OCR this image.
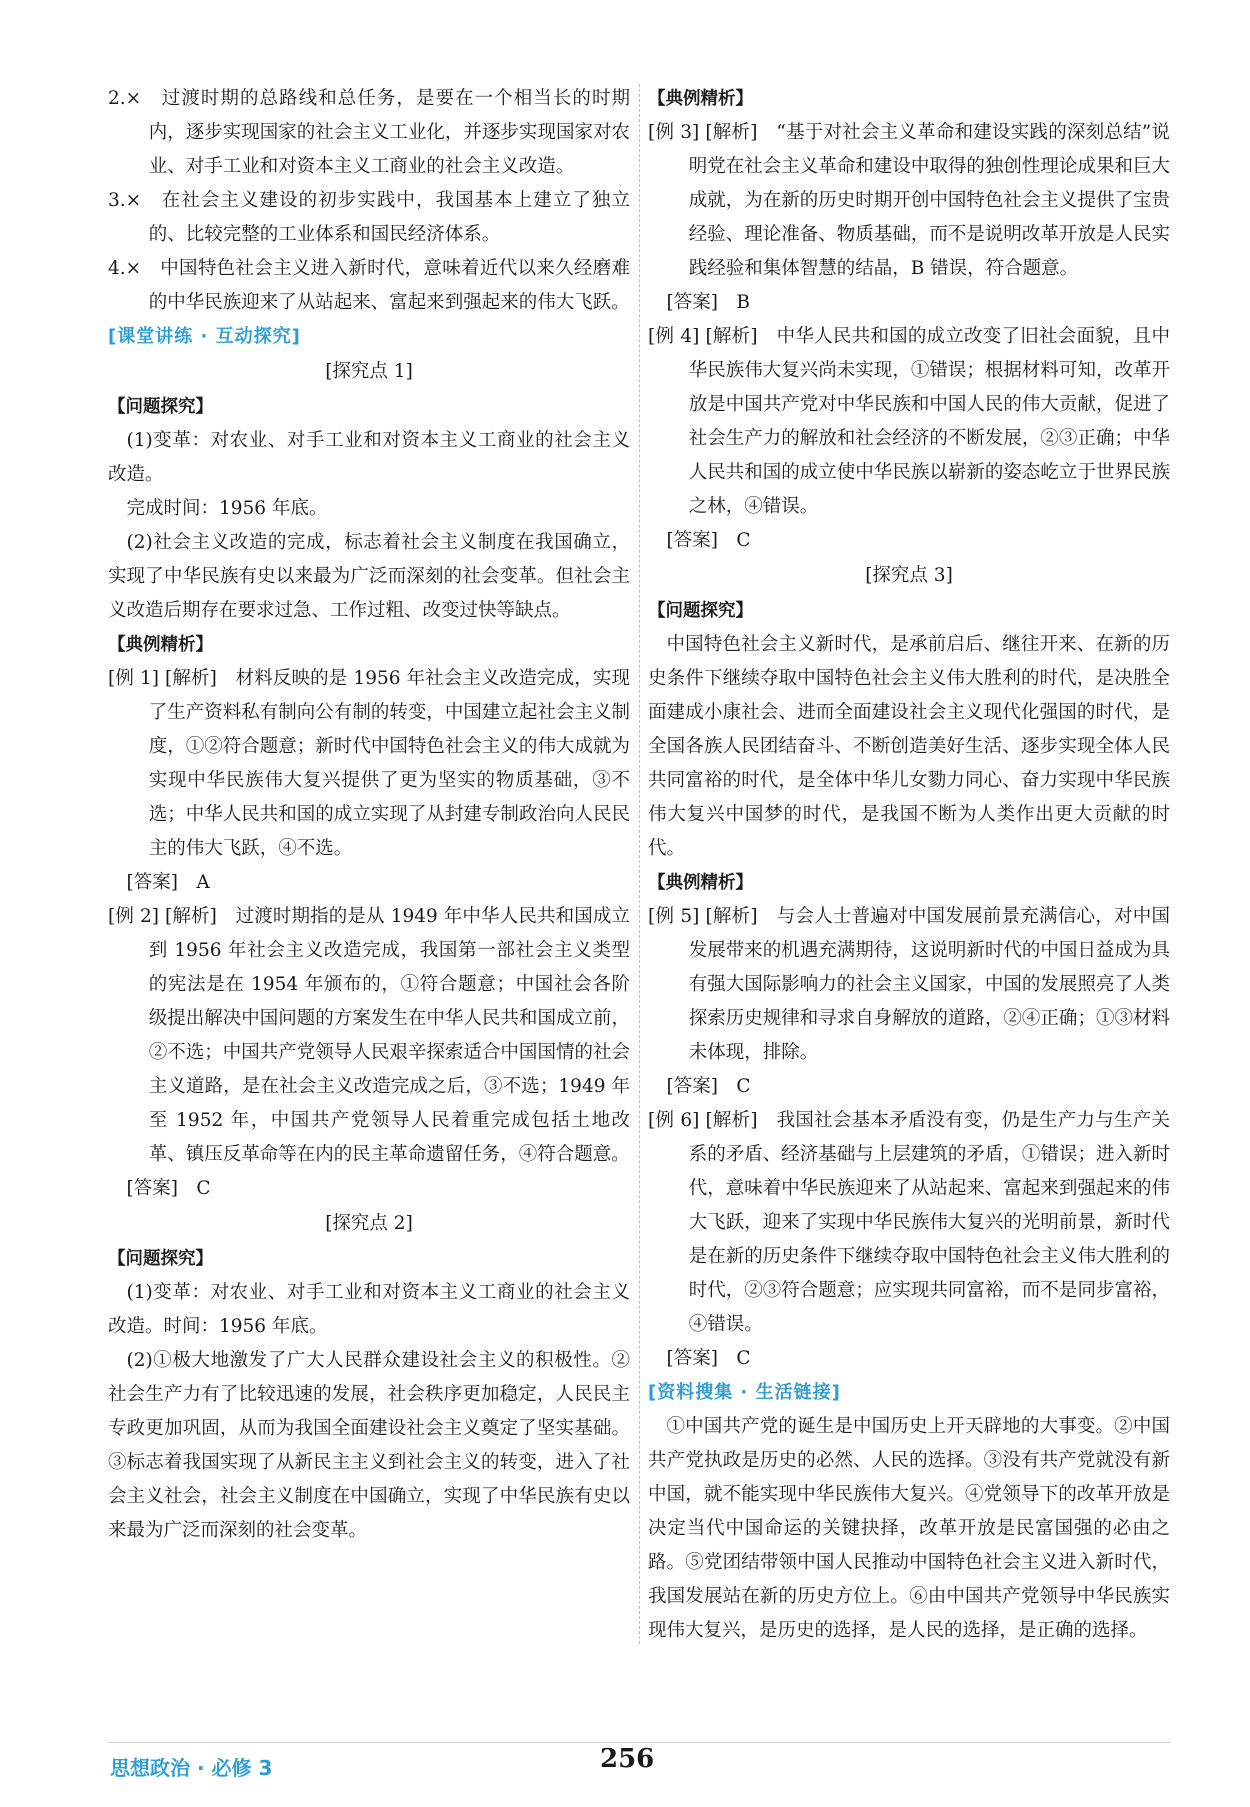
2.×　过渡时期的总路线和总任务，是要在一个相当长的时期内，逐步实现国家的社会主义工业化，并逐步实现国家对农业、对手工业和对资本主义工商业的社会主义改造。

3.×　在社会主义建设的初步实践中，我国基本上建立了独立的、比较完整的工业体系和国民经济体系。

4.×　中国特色社会主义进入新时代，意味着近代以来久经磨难的中华民族迎来了从站起来、富起来到强起来的伟大飞跃。

[课堂讲练 · 互动探究]

[探究点 1]

【问题探究】

(1)变革：对农业、对手工业和对资本主义工商业的社会主义改造。

完成时间：1956 年底。

(2)社会主义改造的完成，标志着社会主义制度在我国确立，实现了中华民族有史以来最为广泛而深刻的社会变革。但社会主义改造后期存在要求过急、工作过粗、改变过快等缺点。

【典例精析】

[例 1] [解析]　材料反映的是 1956 年社会主义改造完成，实现了生产资料私有制向公有制的转变，中国建立起社会主义制度，①②符合题意；新时代中国特色社会主义的伟大成就为实现中华民族伟大复兴提供了更为坚实的物质基础，③不选；中华人民共和国的成立实现了从封建专制政治向人民民主的伟大飞跃，④不选。

[答案]　A

[例 2] [解析]　过渡时期指的是从 1949 年中华人民共和国成立到 1956 年社会主义改造完成，我国第一部社会主义类型的宪法是在 1954 年颁布的，①符合题意；中国社会各阶级提出解决中国问题的方案发生在中华人民共和国成立前，②不选；中国共产党领导人民艰辛探索适合中国国情的社会主义道路，是在社会主义改造完成之后，③不选；1949 年至 1952 年，中国共产党领导人民着重完成包括土地改革、镇压反革命等在内的民主革命遗留任务，④符合题意。

[答案]　C

[探究点 2]

【问题探究】

(1)变革：对农业、对手工业和对资本主义工商业的社会主义改造。时间：1956 年底。

(2)①极大地激发了广大人民群众建设社会主义的积极性。②社会生产力有了比较迅速的发展，社会秩序更加稳定，人民民主专政更加巩固，从而为我国全面建设社会主义奠定了坚实基础。③标志着我国实现了从新民主主义到社会主义的转变，进入了社会主义社会，社会主义制度在中国确立，实现了中华民族有史以来最为广泛而深刻的社会变革。

【典例精析】

[例 3] [解析]　“基于对社会主义革命和建设实践的深刻总结”说明党在社会主义革命和建设中取得的独创性理论成果和巨大成就，为在新的历史时期开创中国特色社会主义提供了宝贵经验、理论准备、物质基础，而不是说明改革开放是人民实践经验和集体智慧的结晶，B 错误，符合题意。

[答案]　B

[例 4] [解析]　中华人民共和国的成立改变了旧社会面貌，且中华民族伟大复兴尚未实现，①错误；根据材料可知，改革开放是中国共产党对中华民族和中国人民的伟大贡献，促进了社会生产力的解放和社会经济的不断发展，②③正确；中华人民共和国的成立使中华民族以崭新的姿态屹立于世界民族之林，④错误。

[答案]　C

[探究点 3]

【问题探究】

中国特色社会主义新时代，是承前启后、继往开来、在新的历史条件下继续夺取中国特色社会主义伟大胜利的时代，是决胜全面建成小康社会、进而全面建设社会主义现代化强国的时代，是全国各族人民团结奋斗、不断创造美好生活、逐步实现全体人民共同富裕的时代，是全体中华儿女勠力同心、奋力实现中华民族伟大复兴中国梦的时代，是我国不断为人类作出更大贡献的时代。

【典例精析】

[例 5] [解析]　与会人士普遍对中国发展前景充满信心，对中国发展带来的机遇充满期待，这说明新时代的中国日益成为具有强大国际影响力的社会主义国家，中国的发展照亮了人类探索历史规律和寻求自身解放的道路，②④正确；①③材料未体现，排除。

[答案]　C

[例 6] [解析]　我国社会基本矛盾没有变，仍是生产力与生产关系的矛盾、经济基础与上层建筑的矛盾，①错误；进入新时代，意味着中华民族迎来了从站起来、富起来到强起来的伟大飞跃，迎来了实现中华民族伟大复兴的光明前景，新时代是在新的历史条件下继续夺取中国特色社会主义伟大胜利的时代，②③符合题意；应实现共同富裕，而不是同步富裕，④错误。

[答案]　C

[资料搜集 · 生活链接]

①中国共产党的诞生是中国历史上开天辟地的大事变。②中国共产党执政是历史的必然、人民的选择。③没有共产党就没有新中国，就不能实现中华民族伟大复兴。④党领导下的改革开放是决定当代中国命运的关键抉择，改革开放是民富国强的必由之路。⑤党团结带领中国人民推动中国特色社会主义进入新时代，我国发展站在新的历史方位上。⑥由中国共产党领导中华民族实现伟大复兴，是历史的选择，是人民的选择，是正确的选择。

思想政治 · 必修 3	256
